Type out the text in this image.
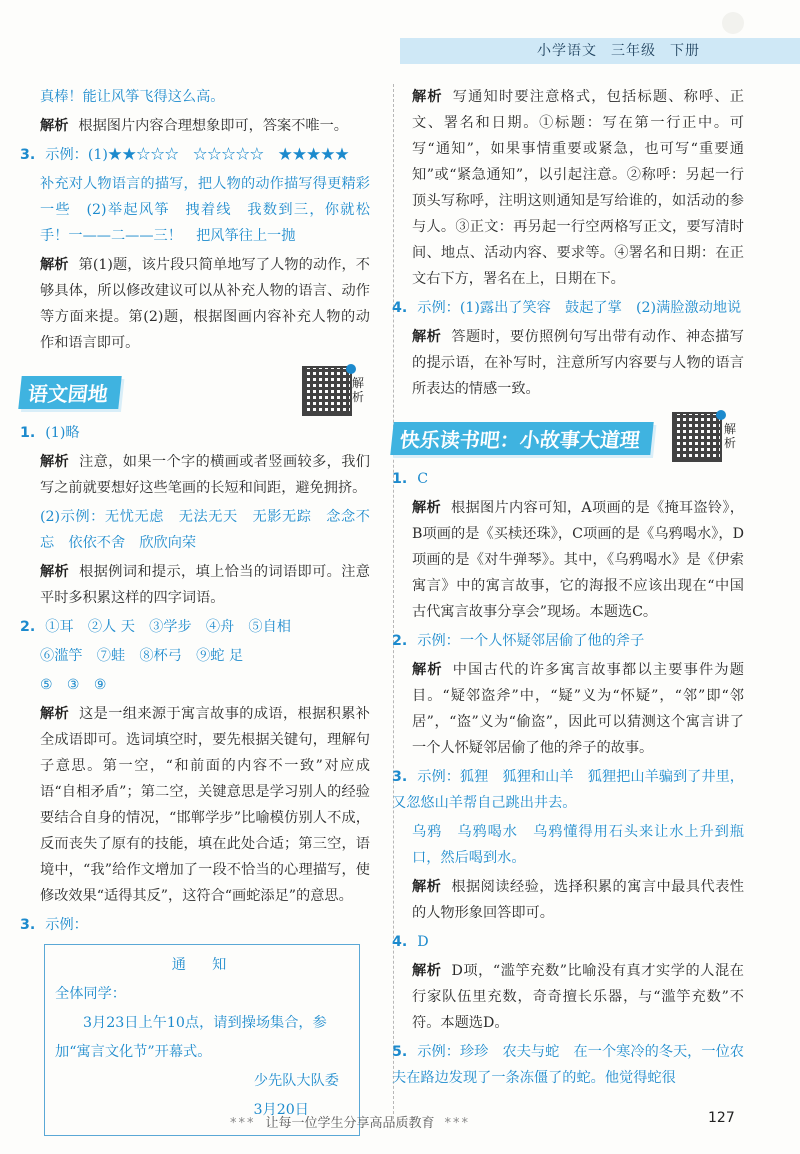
小学语文 三年级 下册

真棒！能让风筝飞得这么高。

解析 根据图片内容合理想象即可，答案不唯一。

3. 示例：(1)★★☆☆☆　☆☆☆☆☆　★★★★★

补充对人物语言的描写，把人物的动作描写得更精彩一些　(2)举起风筝　拽着线　我数到三，你就松手！一——二——三！　把风筝往上一抛

解析 第(1)题，该片段只简单地写了人物的动作，不够具体，所以修改建议可以从补充人物的语言、动作等方面来提。第(2)题，根据图画内容补充人物的动作和语言即可。

语文园地	解析

1. (1)略

解析 注意，如果一个字的横画或者竖画较多，我们写之前就要想好这些笔画的长短和间距，避免拥挤。

(2)示例：无忧无虑　无法无天　无影无踪　念念不忘　依依不舍　欣欣向荣

解析 根据例词和提示，填上恰当的词语即可。注意平时多积累这样的四字词语。

2. ①耳　②人 天　③学步　④舟　⑤自相

⑥滥竽　⑦蛙　⑧杯弓　⑨蛇 足

⑤　③　⑨

解析 这是一组来源于寓言故事的成语，根据积累补全成语即可。选词填空时，要先根据关键句，理解句子意思。第一空，“和前面的内容不一致”对应成语“自相矛盾”；第二空，关键意思是学习别人的经验要结合自身的情况，“邯郸学步”比喻模仿别人不成，反而丧失了原有的技能，填在此处合适；第三空，语境中，“我”给作文增加了一段不恰当的心理描写，使修改效果“适得其反”，这符合“画蛇添足”的意思。

3. 示例：

通　知
全体同学：
3月23日上午10点，请到操场集合，参加“寓言文化节”开幕式。
少先队大队委
3月20日

解析 写通知时要注意格式，包括标题、称呼、正文、署名和日期。①标题：写在第一行正中。可写“通知”，如果事情重要或紧急，也可写“重要通知”或“紧急通知”，以引起注意。②称呼：另起一行顶头写称呼，注明这则通知是写给谁的，如活动的参与人。③正文：再另起一行空两格写正文，要写清时间、地点、活动内容、要求等。④署名和日期：在正文右下方，署名在上，日期在下。

4. 示例：(1)露出了笑容　鼓起了掌　(2)满脸激动地说

解析 答题时，要仿照例句写出带有动作、神态描写的提示语，在补写时，注意所写内容要与人物的语言所表达的情感一致。

快乐读书吧：小故事大道理	解析

1. C

解析 根据图片内容可知，A项画的是《掩耳盗铃》，B项画的是《买椟还珠》，C项画的是《乌鸦喝水》，D项画的是《对牛弹琴》。其中，《乌鸦喝水》是《伊索寓言》中的寓言故事，它的海报不应该出现在“中国古代寓言故事分享会”现场。本题选C。

2. 示例：一个人怀疑邻居偷了他的斧子

解析 中国古代的许多寓言故事都以主要事件为题目。“疑邻盗斧”中，“疑”义为“怀疑”，“邻”即“邻居”，“盗”义为“偷盗”，因此可以猜测这个寓言讲了一个人怀疑邻居偷了他的斧子的故事。

3. 示例：狐狸　狐狸和山羊　狐狸把山羊骗到了井里，又忽悠山羊帮自己跳出井去。

乌鸦　乌鸦喝水　乌鸦懂得用石头来让水上升到瓶口，然后喝到水。

解析 根据阅读经验，选择积累的寓言中最具代表性的人物形象回答即可。

4. D

解析 D项，“滥竽充数”比喻没有真才实学的人混在行家队伍里充数，奇奇擅长乐器，与“滥竽充数”不符。本题选D。

5. 示例：珍珍　农夫与蛇　在一个寒冷的冬天，一位农夫在路边发现了一条冻僵了的蛇。他觉得蛇很

*** 让每一位学生分享高品质教育 ***	127
